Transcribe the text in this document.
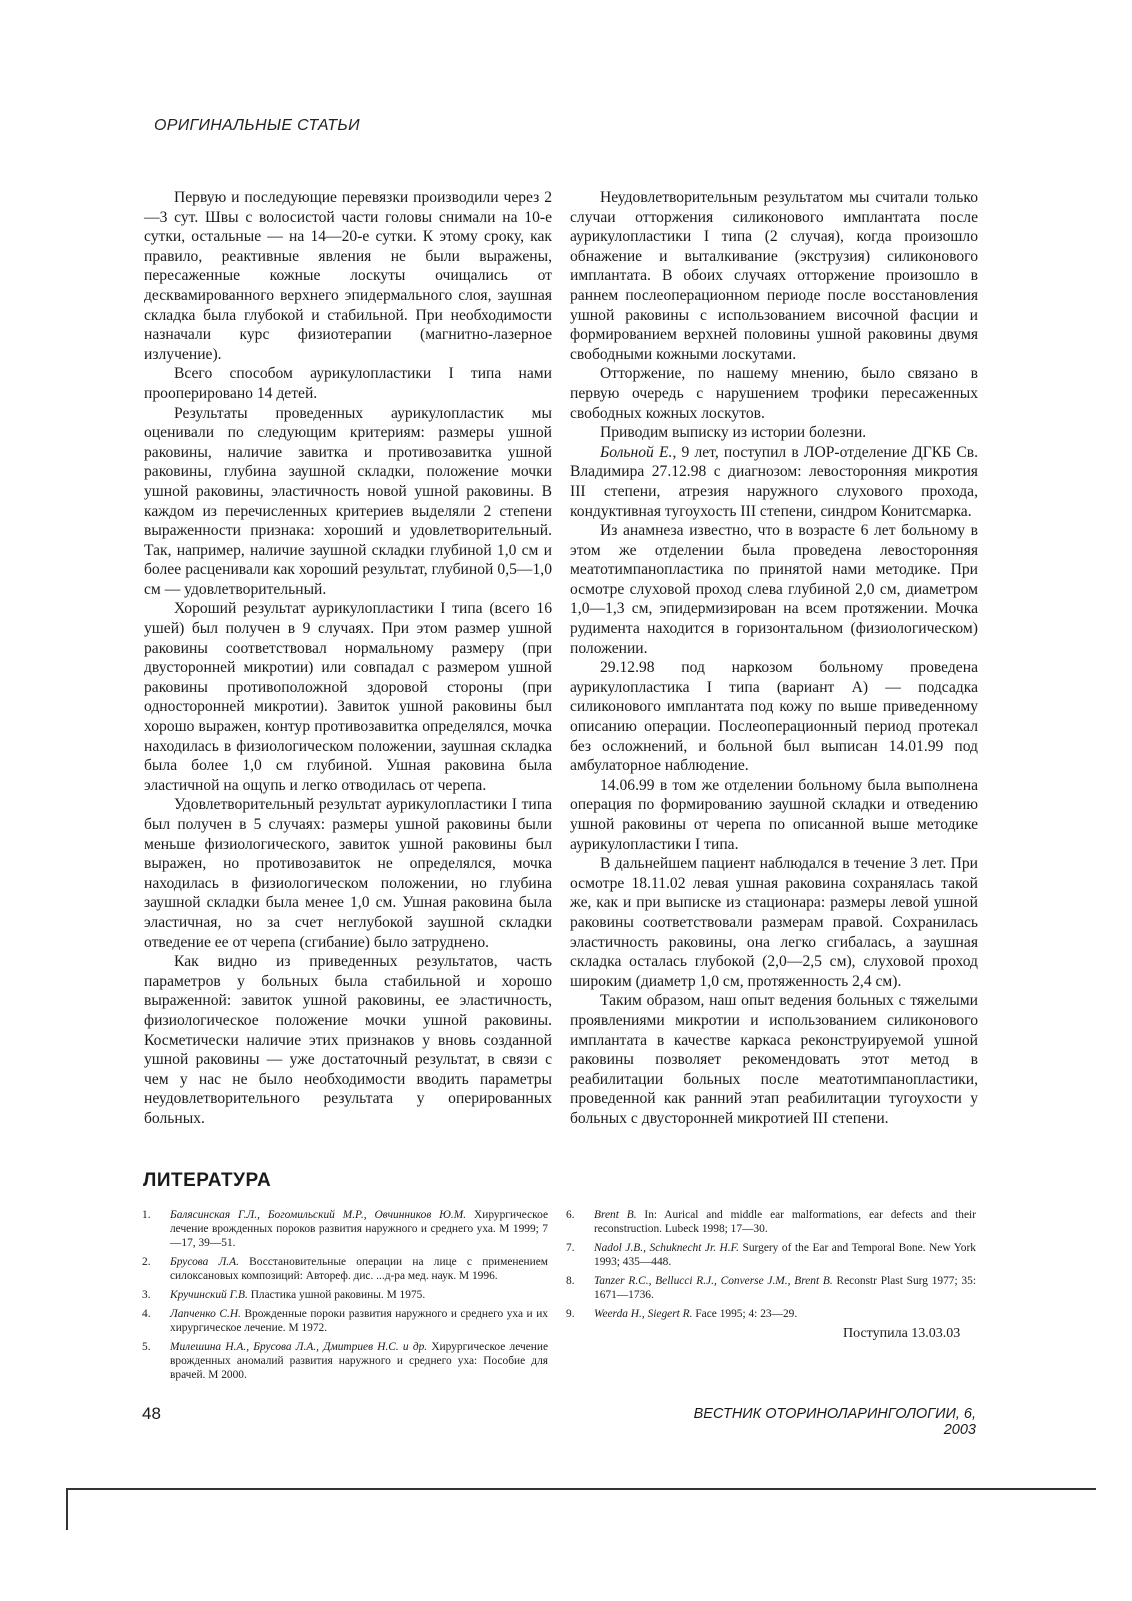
ОРИГИНАЛЬНЫЕ СТАТЬИ

Первую и последующие перевязки производили через 2—3 сут. Швы с волосистой части головы снимали на 10-е сутки, остальные — на 14—20-е сутки. К этому сроку, как правило, реактивные явления не были выражены, пересаженные кожные лоскуты очищались от десквамированного верхнего эпидермального слоя, заушная складка была глубокой и стабильной. При необходимости назначали курс физиотерапии (магнитно-лазерное излучение).

Всего способом аурикулопластики I типа нами прооперировано 14 детей.

Результаты проведенных аурикулопластик мы оценивали по следующим критериям: размеры ушной раковины, наличие завитка и противозавитка ушной раковины, глубина заушной складки, положение мочки ушной раковины, эластичность новой ушной раковины. В каждом из перечисленных критериев выделяли 2 степени выраженности признака: хороший и удовлетворительный. Так, например, наличие заушной складки глубиной 1,0 см и более расценивали как хороший результат, глубиной 0,5—1,0 см — удовлетворительный.

Хороший результат аурикулопластики I типа (всего 16 ушей) был получен в 9 случаях. При этом размер ушной раковины соответствовал нормальному размеру (при двусторонней микротии) или совпадал с размером ушной раковины противоположной здоровой стороны (при односторонней микротии). Завиток ушной раковины был хорошо выражен, контур противозавитка определялся, мочка находилась в физиологическом положении, заушная складка была более 1,0 см глубиной. Ушная раковина была эластичной на ощупь и легко отводилась от черепа.

Удовлетворительный результат аурикулопластики I типа был получен в 5 случаях: размеры ушной раковины были меньше физиологического, завиток ушной раковины был выражен, но противозавиток не определялся, мочка находилась в физиологическом положении, но глубина заушной складки была менее 1,0 см. Ушная раковина была эластичная, но за счет неглубокой заушной складки отведение ее от черепа (сгибание) было затруднено.

Как видно из приведенных результатов, часть параметров у больных была стабильной и хорошо выраженной: завиток ушной раковины, ее эластичность, физиологическое положение мочки ушной раковины. Косметически наличие этих признаков у вновь созданной ушной раковины — уже достаточный результат, в связи с чем у нас не было необходимости вводить параметры неудовлетворительного результата у оперированных больных.

Неудовлетворительным результатом мы считали только случаи отторжения силиконового имплантата после аурикулопластики I типа (2 случая), когда произошло обнажение и выталкивание (экструзия) силиконового имплантата. В обоих случаях отторжение произошло в раннем послеоперационном периоде после восстановления ушной раковины с использованием височной фасции и формированием верхней половины ушной раковины двумя свободными кожными лоскутами.

Отторжение, по нашему мнению, было связано в первую очередь с нарушением трофики пересаженных свободных кожных лоскутов.

Приводим выписку из истории болезни.

Больной Е., 9 лет, поступил в ЛОР-отделение ДГКБ Св. Владимира 27.12.98 с диагнозом: левосторонняя микротия III степени, атрезия наружного слухового прохода, кондуктивная тугоухость III степени, синдром Конитсмарка.

Из анамнеза известно, что в возрасте 6 лет больному в этом же отделении была проведена левосторонняя меатотимпанопластика по принятой нами методике. При осмотре слуховой проход слева глубиной 2,0 см, диаметром 1,0—1,3 см, эпидермизирован на всем протяжении. Мочка рудимента находится в горизонтальном (физиологическом) положении.

29.12.98 под наркозом больному проведена аурикулопластика I типа (вариант А) — подсадка силиконового имплантата под кожу по выше приведенному описанию операции. Послеоперационный период протекал без осложнений, и больной был выписан 14.01.99 под амбулаторное наблюдение.

14.06.99 в том же отделении больному была выполнена операция по формированию заушной складки и отведению ушной раковины от черепа по описанной выше методике аурикулопластики I типа.

В дальнейшем пациент наблюдался в течение 3 лет. При осмотре 18.11.02 левая ушная раковина сохранялась такой же, как и при выписке из стационара: размеры левой ушной раковины соответствовали размерам правой. Сохранилась эластичность раковины, она легко сгибалась, а заушная складка осталась глубокой (2,0—2,5 см), слуховой проход широким (диаметр 1,0 см, протяженность 2,4 см).

Таким образом, наш опыт ведения больных с тяжелыми проявлениями микротии и использованием силиконового имплантата в качестве каркаса реконструируемой ушной раковины позволяет рекомендовать этот метод в реабилитации больных после меатотимпанопластики, проведенной как ранний этап реабилитации тугоухости у больных с двусторонней микротией III степени.

ЛИТЕРАТУРА
1.	Балясинская Г.Л., Богомильский М.Р., Овчинников Ю.М. Хирургическое лечение врожденных пороков развития наружного и среднего уха. М 1999; 7—17, 39—51.
2.	Брусова Л.А. Восстановительные операции на лице с применением силоксановых композиций: Автореф. дис. ...д-ра мед. наук. М 1996.
3.	Кручинский Г.В. Пластика ушной раковины. М 1975.
4.	Лапченко С.Н. Врожденные пороки развития наружного и среднего уха и их хирургическое лечение. М 1972.
5.	Милешина Н.А., Брусова Л.А., Дмитриев Н.С. и др. Хирургическое лечение врожденных аномалий развития наружного и среднего уха: Пособие для врачей. М 2000.
6.	Brent B. In: Aurical and middle ear malformations, ear defects and their reconstruction. Lubeck 1998; 17—30.
7.	Nadol J.B., Schuknecht Jr. H.F. Surgery of the Ear and Temporal Bone. New York 1993; 435—448.
8.	Tanzer R.C., Bellucci R.J., Converse J.M., Brent B. Reconstr Plast Surg 1977; 35: 1671—1736.
9.	Weerda H., Siegert R. Face 1995; 4: 23—29.
Поступила 13.03.03
48	ВЕСТНИК ОТОРИНОЛАРИНГОЛОГИИ, 6, 2003
